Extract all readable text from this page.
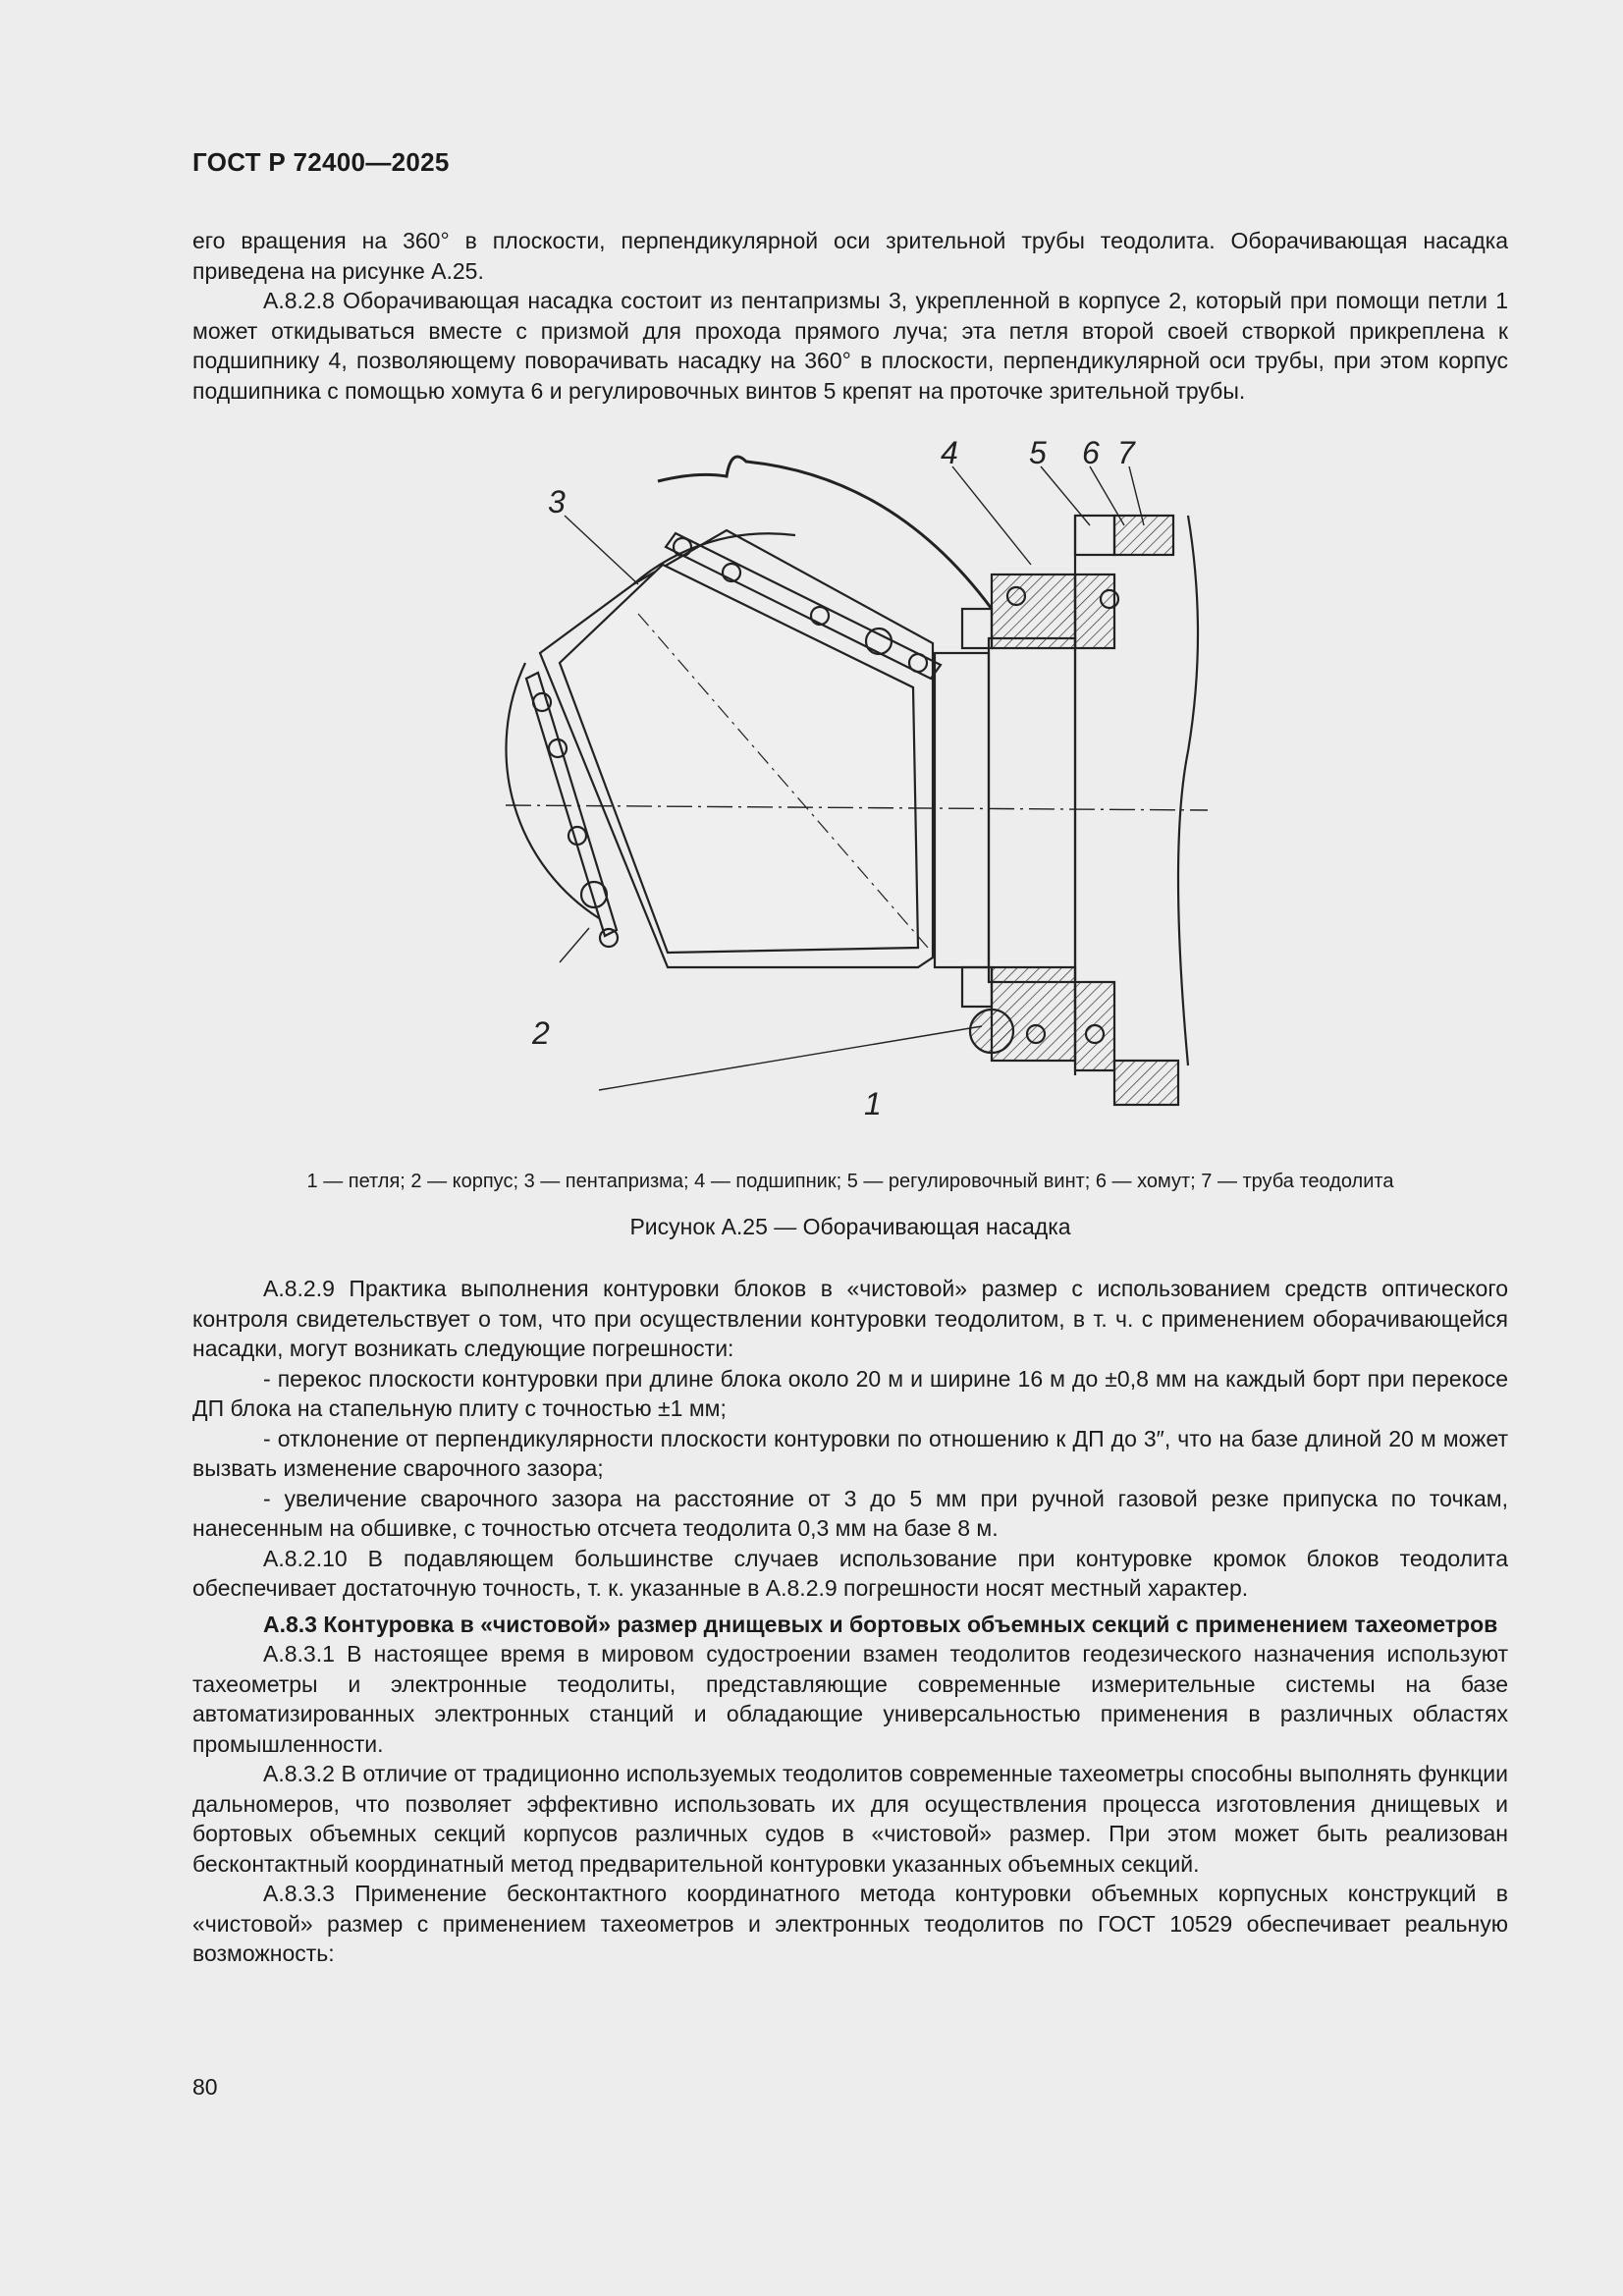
ГОСТ Р 72400—2025

его вращения на 360° в плоскости, перпендикулярной оси зрительной трубы теодолита. Оборачивающая насадка приведена на рисунке А.25.

А.8.2.8 Оборачивающая насадка состоит из пентапризмы 3, укрепленной в корпусе 2, который при помощи петли 1 может откидываться вместе с призмой для прохода прямого луча; эта петля второй своей створкой прикреплена к подшипнику 4, позволяющему поворачивать насадку на 360° в плоскости, перпендикулярной оси трубы, при этом корпус подшипника с помощью хомута 6 и регулировочных винтов 5 крепят на проточке зрительной трубы.

3
2
1
4 5 6 7
1 — петля; 2 — корпус; 3 — пентапризма; 4 — подшипник; 5 — регулировочный винт; 6 — хомут; 7 — труба теодолита
Рисунок А.25 — Оборачивающая насадка

А.8.2.9 Практика выполнения контуровки блоков в «чистовой» размер с использованием средств оптического контроля свидетельствует о том, что при осуществлении контуровки теодолитом, в т. ч. с применением оборачивающейся насадки, могут возникать следующие погрешности:

- перекос плоскости контуровки при длине блока около 20 м и ширине 16 м до ±0,8 мм на каждый борт при перекосе ДП блока на стапельную плиту с точностью ±1 мм;

- отклонение от перпендикулярности плоскости контуровки по отношению к ДП до 3″, что на базе длиной 20 м может вызвать изменение сварочного зазора;

- увеличение сварочного зазора на расстояние от 3 до 5 мм при ручной газовой резке припуска по точкам, нанесенным на обшивке, с точностью отсчета теодолита 0,3 мм на базе 8 м.

А.8.2.10 В подавляющем большинстве случаев использование при контуровке кромок блоков теодолита обеспечивает достаточную точность, т. к. указанные в А.8.2.9 погрешности носят местный характер.

А.8.3 Контуровка в «чистовой» размер днищевых и бортовых объемных секций с применением тахеометров

А.8.3.1 В настоящее время в мировом судостроении взамен теодолитов геодезического назначения используют тахеометры и электронные теодолиты, представляющие современные измерительные системы на базе автоматизированных электронных станций и обладающие универсальностью применения в различных областях промышленности.

А.8.3.2 В отличие от традиционно используемых теодолитов современные тахеометры способны выполнять функции дальномеров, что позволяет эффективно использовать их для осуществления процесса изготовления днищевых и бортовых объемных секций корпусов различных судов в «чистовой» размер. При этом может быть реализован бесконтактный координатный метод предварительной контуровки указанных объемных секций.

А.8.3.3 Применение бесконтактного координатного метода контуровки объемных корпусных конструкций в «чистовой» размер с применением тахеометров и электронных теодолитов по ГОСТ 10529 обеспечивает реальную возможность:

80
